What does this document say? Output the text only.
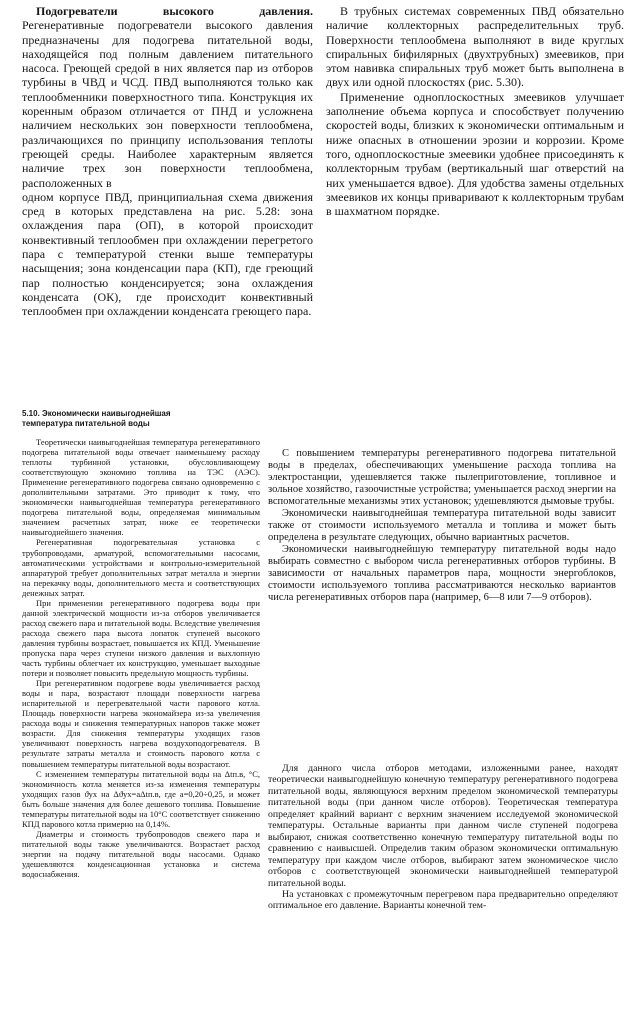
Подогреватели высокого давления. Регенеративные подогреватели высокого давления предназначены для подогрева питательной воды, находящейся под полным давлением питательного насоса. Греющей средой в них является пар из отборов турбины в ЧВД и ЧСД. ПВД выполняются только как теплообменники поверхностного типа. Конструкция их коренным образом отличается от ПНД и усложнена наличием нескольких зон поверхности теплообмена, различающихся по принципу использования теплоты греющей среды. Наиболее характерным является наличие трех зон поверхности теплообмена, расположенных в

одном корпусе ПВД, принципиальная схема движения сред в которых представлена на рис. 5.28: зона охлаждения пара (ОП), в которой происходит конвективный теплообмен при охлаждении перегретого пара с температурой стенки выше температуры насыщения; зона конденсации пара (КП), где греющий пар полностью конденсируется; зона охлаждения конденсата (ОК), где происходит конвективный теплообмен при охлаждении конденсата греющего пара.

В трубных системах современных ПВД обязательно наличие коллекторных распределительных труб. Поверхности теплообмена выполняют в виде круглых спиральных бифилярных (двухтрубных) змеевиков, при этом навивка спиральных труб может быть выполнена в двух или одной плоскостях (рис. 5.30).

Применение одноплоскостных змеевиков улучшает заполнение объема корпуса и способствует получению скоростей воды, близких к экономически оптимальным и ниже опасных в отношении эрозии и коррозии. Кроме того, одноплоскостные змеевики удобнее присоединять к коллекторным трубам (вертикальный шаг отверстий на них уменьшается вдвое). Для удобства замены отдельных змеевиков их концы приваривают к коллекторным трубам в шахматном порядке.

5.10. Экономически наивыгоднейшая температура питательной воды

Теоретически наивыгоднейшая температура регенеративного подогрева питательной воды отвечает наименьшему расходу теплоты турбинной установки, обусловливающему соответствующую экономию топлива на ТЭС (АЭС). Применение регенеративного подогрева связано одновременно с дополнительными затратами. Это приводит к тому, что экономически наивыгоднейшая температура регенеративного подогрева питательной воды, определяемая минимальным значением расчетных затрат, ниже ее теоретически наивыгоднейшего значения.

Регенеративная подогревательная установка с трубопроводами, арматурой, вспомогательными насосами, автоматическими устройствами и контрольно-измерительной аппаратурой требует дополнительных затрат металла и энергии на перекачку воды, дополнительного места и соответствующих денежных затрат.

При применении регенеративного подогрева воды при данной электрической мощности из-за отборов увеличивается расход свежего пара и питательной воды. Вследствие увеличения расхода свежего пара высота лопаток ступеней высокого давления турбины возрастает, повышается их КПД. Уменьшение пропуска пара через ступени низкого давления и выхлопную часть турбины облегчает их конструкцию, уменьшает выходные потери и позволяет повысить предельную мощность турбины.

При регенеративном подогреве воды увеличивается расход воды и пара, возрастают площади поверхности нагрева испарительной и перегревательной части парового котла. Площадь поверхности нагрева экономайзера из-за увеличения расхода воды и снижения температурных напоров также может возрасти. Для снижения температуры уходящих газов увеличивают поверхность нагрева воздухоподогревателя. В результате затраты металла и стоимость парового котла с повышением температуры питательной воды возрастают.

С изменением температуры питательной воды на Δtп.в, °С, экономичность котла меняется из-за изменения температуры уходящих газов ϑух на Δϑух=aΔtп.в, где a=0,20÷0,25, и может быть больше значения для более дешевого топлива. Повышение температуры питательной воды на 10°С соответствует снижению КПД парового котла примерно на 0,14%.

Диаметры и стоимость трубопроводов свежего пара и питательной воды также увеличиваются. Возрастает расход энергии на подачу питательной воды насосами. Однако удешевляются конденсационная установка и система водоснабжения.

С повышением температуры регенеративного подогрева питательной воды в пределах, обеспечивающих уменьшение расхода топлива на электростанции, удешевляется также пылеприготовление, топливное и зольное хозяйство, газоочистные устройства; уменьшается расход энергии на вспомогательные механизмы этих установок; удешевляются дымовые трубы.

Экономически наивыгоднейшая температура питательной воды зависит также от стоимости используемого металла и топлива и может быть определена в результате следующих, обычно вариантных расчетов.

Экономически наивыгоднейшую температуру питательной воды надо выбирать совместно с выбором числа регенеративных отборов турбины. В зависимости от начальных параметров пара, мощности энергоблоков, стоимости используемого топлива рассматриваются несколько вариантов числа регенеративных отборов пара (например, 6—8 или 7—9 отборов).

Для данного числа отборов методами, изложенными ранее, находят теоретически наивыгоднейшую конечную температуру регенеративного подогрева питательной воды, являющуюся верхним пределом экономической температуры питательной воды (при данном числе отборов). Теоретическая температура определяет крайний вариант с верхним значением исследуемой экономической температуры. Остальные варианты при данном числе ступеней подогрева выбирают, снижая соответственно конечную температуру питательной воды по сравнению с наивысшей. Определив таким образом экономически оптимальную температуру при каждом числе отборов, выбирают затем экономическое число отборов с соответствующей экономически наивыгоднейшей температурой питательной воды.

На установках с промежуточным перегревом пара предварительно определяют оптимальное его давление. Варианты конечной тем-
